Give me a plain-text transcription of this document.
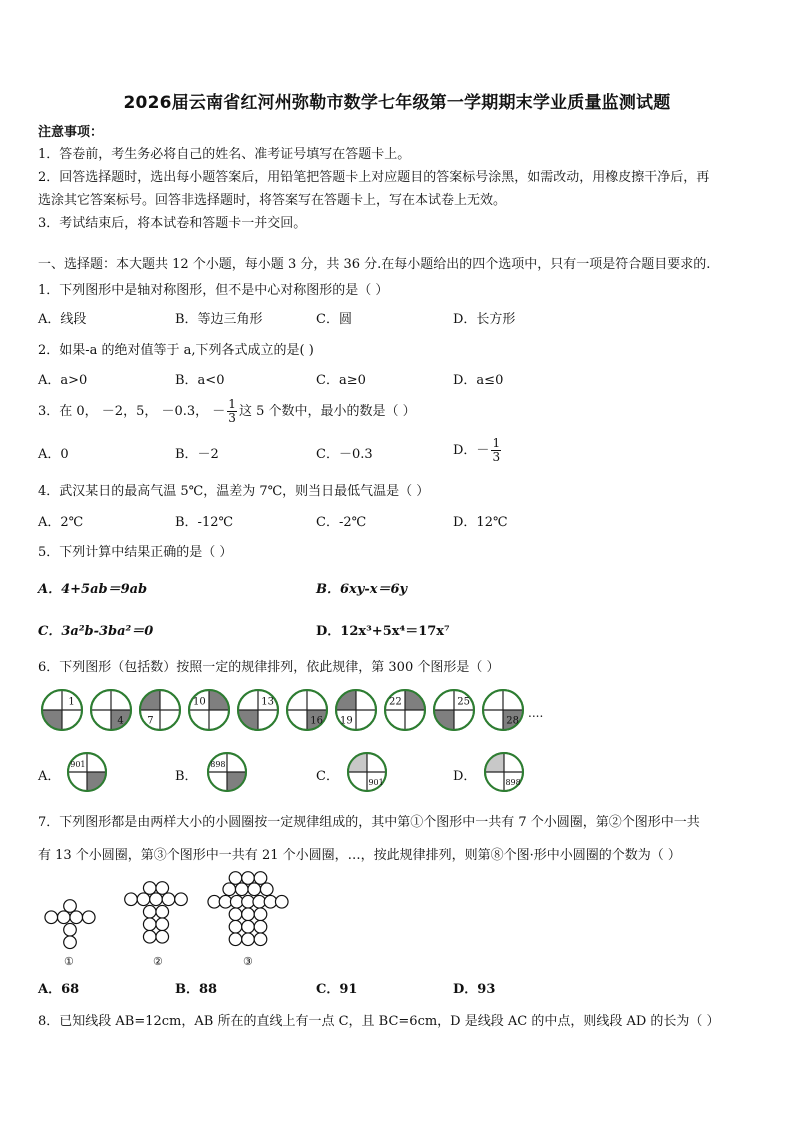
2026届云南省红河州弥勒市数学七年级第一学期期末学业质量监测试题
注意事项：
1．答卷前，考生务必将自己的姓名、准考证号填写在答题卡上。
2．回答选择题时，选出每小题答案后，用铅笔把答题卡上对应题目的答案标号涂黑，如需改动，用橡皮擦干净后，再
选涂其它答案标号。回答非选择题时，将答案写在答题卡上，写在本试卷上无效。
3．考试结束后，将本试卷和答题卡一并交回。
一、选择题：本大题共 12 个小题，每小题 3 分，共 36 分.在每小题给出的四个选项中，只有一项是符合题目要求的.
1．下列图形中是轴对称图形，但不是中心对称图形的是（ ）
A．线段	B．等边三角形	C．圆	D．长方形
2．如果-a 的绝对值等于 a,下列各式成立的是( )
A．a>0	B．a<0	C．a≥0	D．a≤0
3．在 0， －2，5， －0.3， － $\frac{1}{3}$ 这 5 个数中，最小的数是（ ）
A．0	B．－2	C．－0.3	D．－ $\frac{1}{3}$
4．武汉某日的最高气温 5℃，温差为 7℃，则当日最低气温是（ ）
A．2℃	B．-12℃	C．-2℃	D．12℃
5．下列计算中结果正确的是（ ）
A．4+5ab＝9ab	B．6xy-x＝6y
C．3a²b-3ba²＝0	D．12x³+5x⁴＝17x⁷
6．下列图形（包括数）按照一定的规律排列，依此规律，第 300 个图形是（ ）
1
4 7
10	13
16 19
22	25
28
....
A．	B．	C．	D．
901	898
901	898
7．下列图形都是由两样大小的小圆圈按一定规律组成的，其中第①个图形中一共有 7 个小圆圈，第②个图形中一共
有 13 个小圆圈，第③个图形中一共有 21 个小圆圈，…，按此规律排列，则第⑧个图·形中小圆圈的个数为（ ）
①	②	③
A．68	B．88	C．91	D．93
8．已知线段 AB=12cm，AB 所在的直线上有一点 C，且 BC=6cm，D 是线段 AC 的中点，则线段 AD 的长为（ ）
